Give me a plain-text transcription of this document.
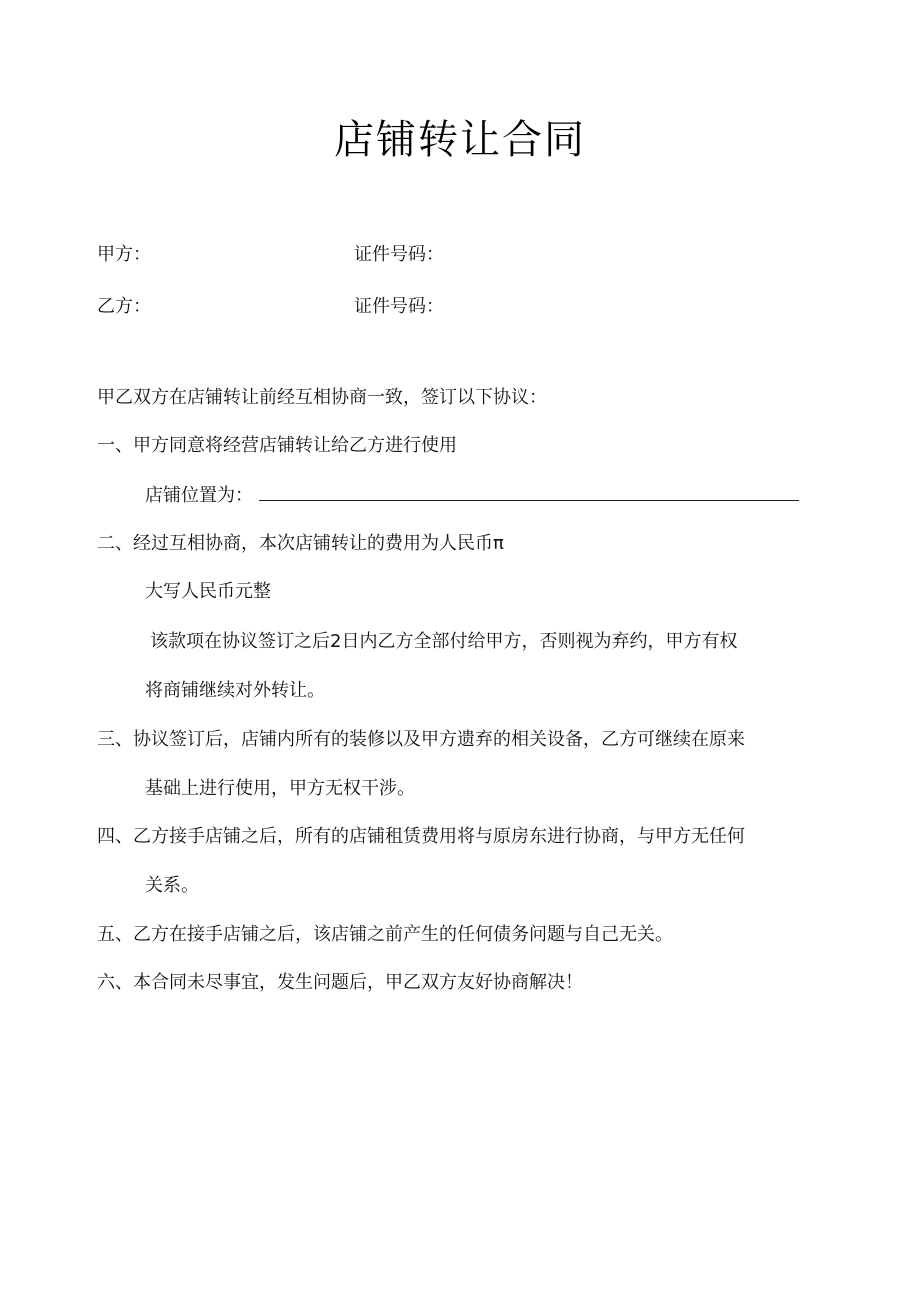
店铺转让合同
甲方：	证件号码：
乙方：	证件号码：
甲乙双方在店铺转让前经互相协商一致，签订以下协议：
一、甲方同意将经营店铺转让给乙方进行使用
店铺位置为：
二、经过互相协商，本次店铺转让的费用为人民币π
大写人民币元整
该款项在协议签订之后2日内乙方全部付给甲方，否则视为弃约，甲方有权
将商铺继续对外转让。
三、协议签订后，店铺内所有的装修以及甲方遗弃的相关设备，乙方可继续在原来
基础上进行使用，甲方无权干涉。
四、乙方接手店铺之后，所有的店铺租赁费用将与原房东进行协商，与甲方无任何
关系。
五、乙方在接手店铺之后，该店铺之前产生的任何债务问题与自己无关。
六、本合同未尽事宜，发生问题后，甲乙双方友好协商解决！
